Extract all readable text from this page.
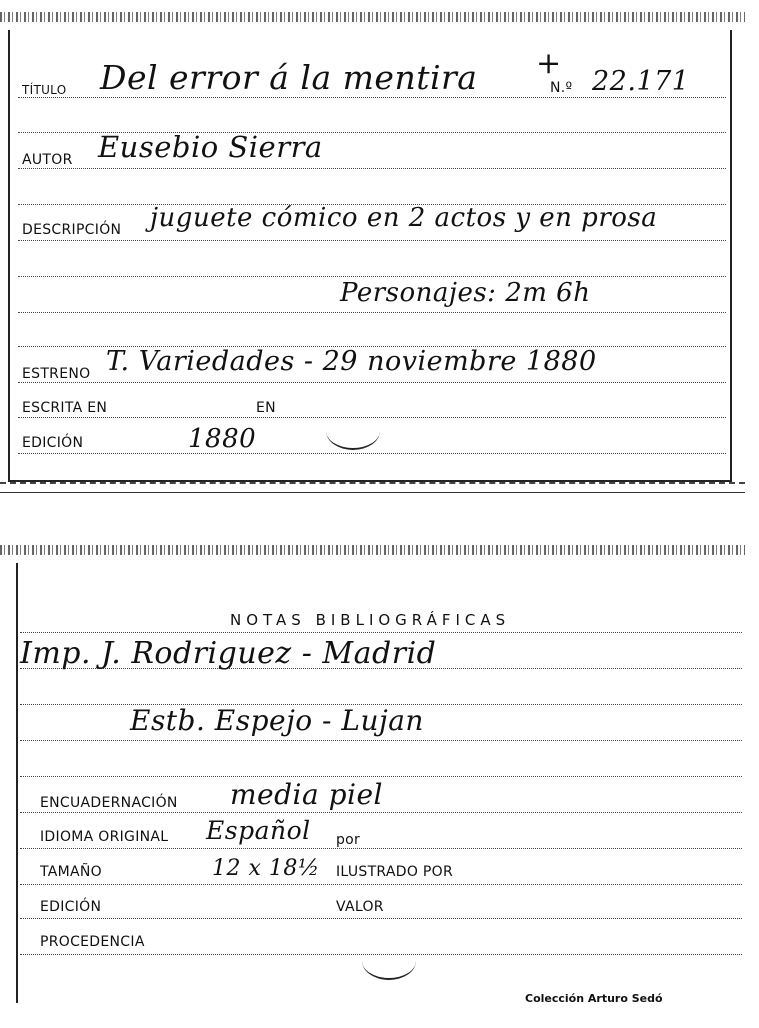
TÍTULO Del error á la mentira +
N.º 22.171
AUTOR Eusebio Sierra
DESCRIPCIÓN juguete cómico en 2 actos y en prosa
Personajes: 2m 6h
ESTRENO T. Variedades - 29 noviembre 1880
ESCRITA EN	EN
EDICIÓN	1880
NOTAS BIBLIOGRÁFICAS
Imp. J. Rodriguez - Madrid
Estb. Espejo - Lujan
ENCUADERNACIÓN media piel
IDIOMA ORIGINAL Español por
TAMAÑO	12 x 18½ ILUSTRADO POR
EDICIÓN	VALOR
PROCEDENCIA
Colección Arturo Sedó
